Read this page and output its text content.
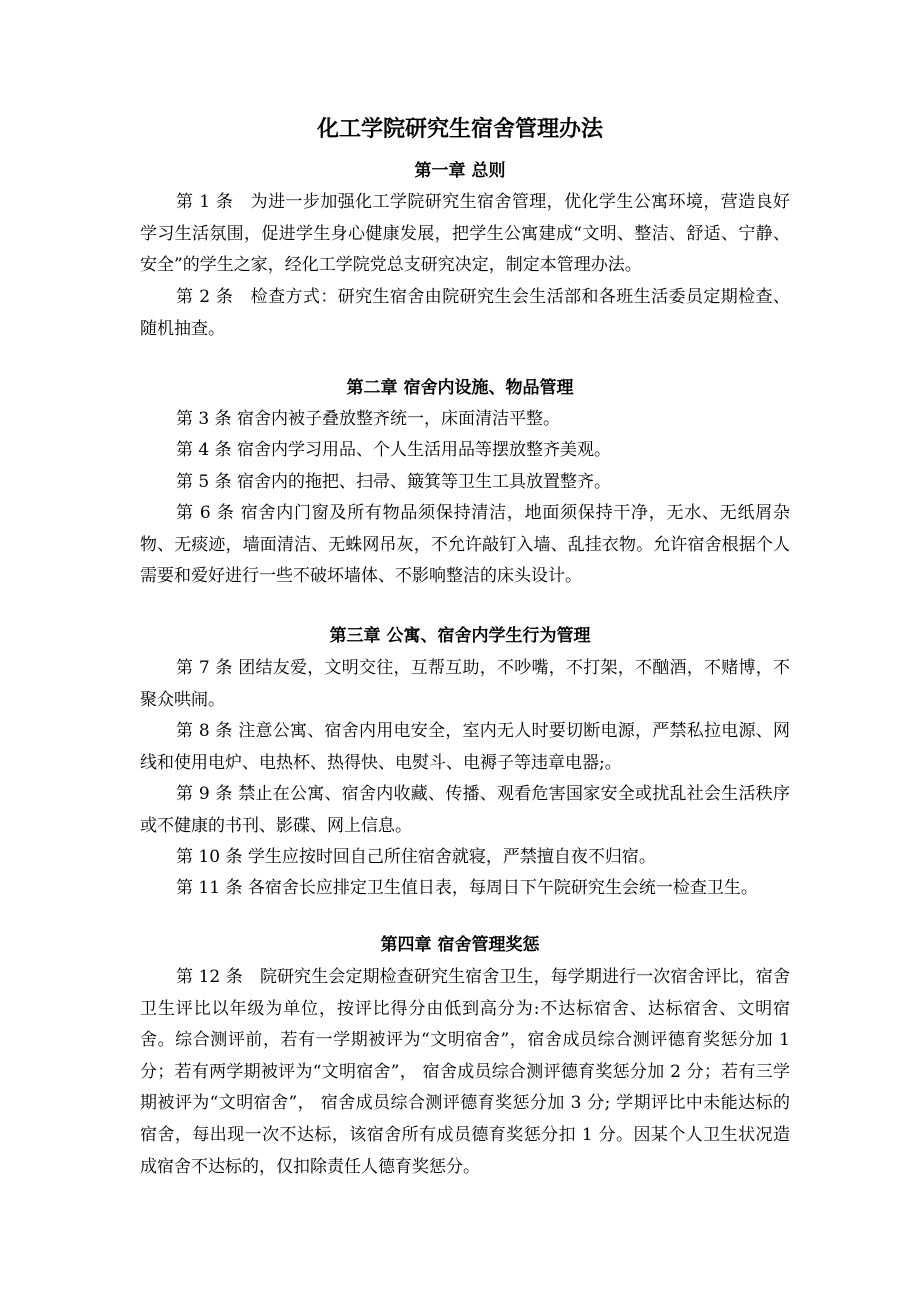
化工学院研究生宿舍管理办法
第一章 总则

第 1 条　为进一步加强化工学院研究生宿舍管理，优化学生公寓环境，营造良好学习生活氛围，促进学生身心健康发展，把学生公寓建成“文明、整洁、舒适、宁静、安全”的学生之家，经化工学院党总支研究决定，制定本管理办法。

第 2 条　检查方式：研究生宿舍由院研究生会生活部和各班生活委员定期检查、随机抽查。

第二章 宿舍内设施、物品管理

第 3 条 宿舍内被子叠放整齐统一，床面清洁平整。

第 4 条 宿舍内学习用品、个人生活用品等摆放整齐美观。

第 5 条 宿舍内的拖把、扫帚、簸箕等卫生工具放置整齐。

第 6 条 宿舍内门窗及所有物品须保持清洁，地面须保持干净，无水、无纸屑杂物、无痰迹，墙面清洁、无蛛网吊灰，不允许敲钉入墙、乱挂衣物。允许宿舍根据个人需要和爱好进行一些不破坏墙体、不影响整洁的床头设计。

第三章 公寓、宿舍内学生行为管理

第 7 条 团结友爱，文明交往，互帮互助，不吵嘴，不打架，不酗酒，不赌博，不聚众哄闹。

第 8 条 注意公寓、宿舍内用电安全，室内无人时要切断电源，严禁私拉电源、网线和使用电炉、电热杯、热得快、电熨斗、电褥子等违章电器;。

第 9 条 禁止在公寓、宿舍内收藏、传播、观看危害国家安全或扰乱社会生活秩序或不健康的书刊、影碟、网上信息。

第 10 条 学生应按时回自己所住宿舍就寝，严禁擅自夜不归宿。

第 11 条 各宿舍长应排定卫生值日表，每周日下午院研究生会统一检查卫生。

第四章 宿舍管理奖惩

第 12 条　院研究生会定期检查研究生宿舍卫生，每学期进行一次宿舍评比，宿舍卫生评比以年级为单位，按评比得分由低到高分为:不达标宿舍、达标宿舍、文明宿舍。综合测评前，若有一学期被评为“文明宿舍”，宿舍成员综合测评德育奖惩分加 1 分；若有两学期被评为“文明宿舍”， 宿舍成员综合测评德育奖惩分加 2 分；若有三学期被评为“文明宿舍”， 宿舍成员综合测评德育奖惩分加 3 分; 学期评比中未能达标的宿舍，每出现一次不达标，该宿舍所有成员德育奖惩分扣 1 分。因某个人卫生状况造成宿舍不达标的，仅扣除责任人德育奖惩分。
